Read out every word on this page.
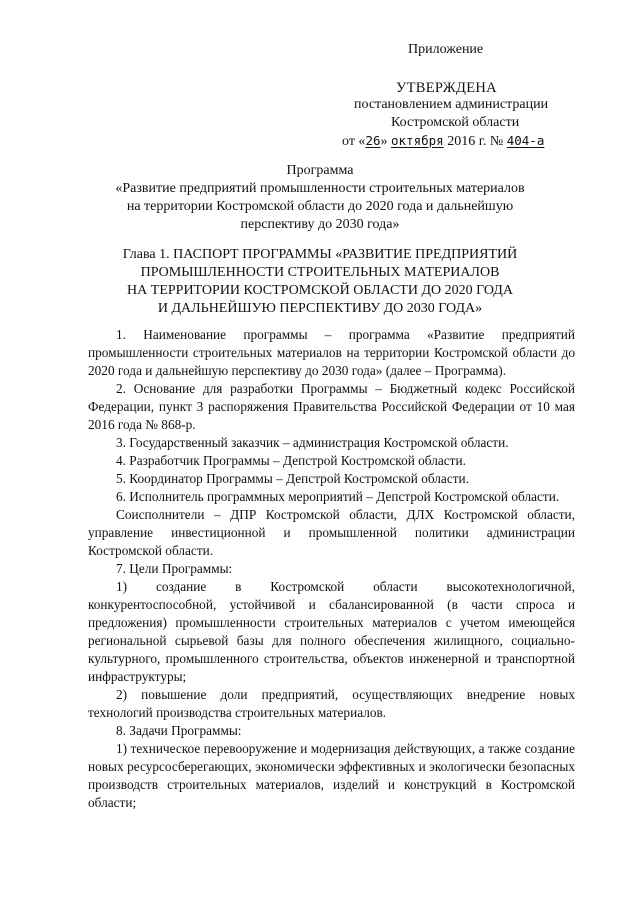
Приложение
УТВЕРЖДЕНА
постановлением администрации
Костромской области
от «26» октября 2016 г. № 404-а
Программа
«Развитие предприятий промышленности строительных материалов
на территории Костромской области до 2020 года и дальнейшую
перспективу до 2030 года»
Глава 1. ПАСПОРТ ПРОГРАММЫ «РАЗВИТИЕ ПРЕДПРИЯТИЙ
ПРОМЫШЛЕННОСТИ СТРОИТЕЛЬНЫХ МАТЕРИАЛОВ
НА ТЕРРИТОРИИ КОСТРОМСКОЙ ОБЛАСТИ ДО 2020 ГОДА
И ДАЛЬНЕЙШУЮ ПЕРСПЕКТИВУ ДО 2030 ГОДА»

1. Наименование программы – программа «Развитие предприятий промышленности строительных материалов на территории Костромской области до 2020 года и дальнейшую перспективу до 2030 года» (далее – Программа).

2. Основание для разработки Программы – Бюджетный кодекс Российской Федерации, пункт 3 распоряжения Правительства Российской Федерации от 10 мая 2016 года № 868-р.

3. Государственный заказчик – администрация Костромской области.

4. Разработчик Программы – Депстрой Костромской области.

5. Координатор Программы – Депстрой Костромской области.

6. Исполнитель программных мероприятий – Депстрой Костромской области.

Соисполнители – ДПР Костромской области, ДЛХ Костромской области, управление инвестиционной и промышленной политики администрации Костромской области.

7. Цели Программы:

1) создание в Костромской области высокотехнологичной, конкурентоспособной, устойчивой и сбалансированной (в части спроса и предложения) промышленности строительных материалов с учетом имеющейся региональной сырьевой базы для полного обеспечения жилищного, социально-культурного, промышленного строительства, объектов инженерной и транспортной инфраструктуры;

2) повышение доли предприятий, осуществляющих внедрение новых технологий производства строительных материалов.

8. Задачи Программы:

1) техническое перевооружение и модернизация действующих, а также создание новых ресурсосберегающих, экономически эффективных и экологически безопасных производств строительных материалов, изделий и конструкций в Костромской области;
